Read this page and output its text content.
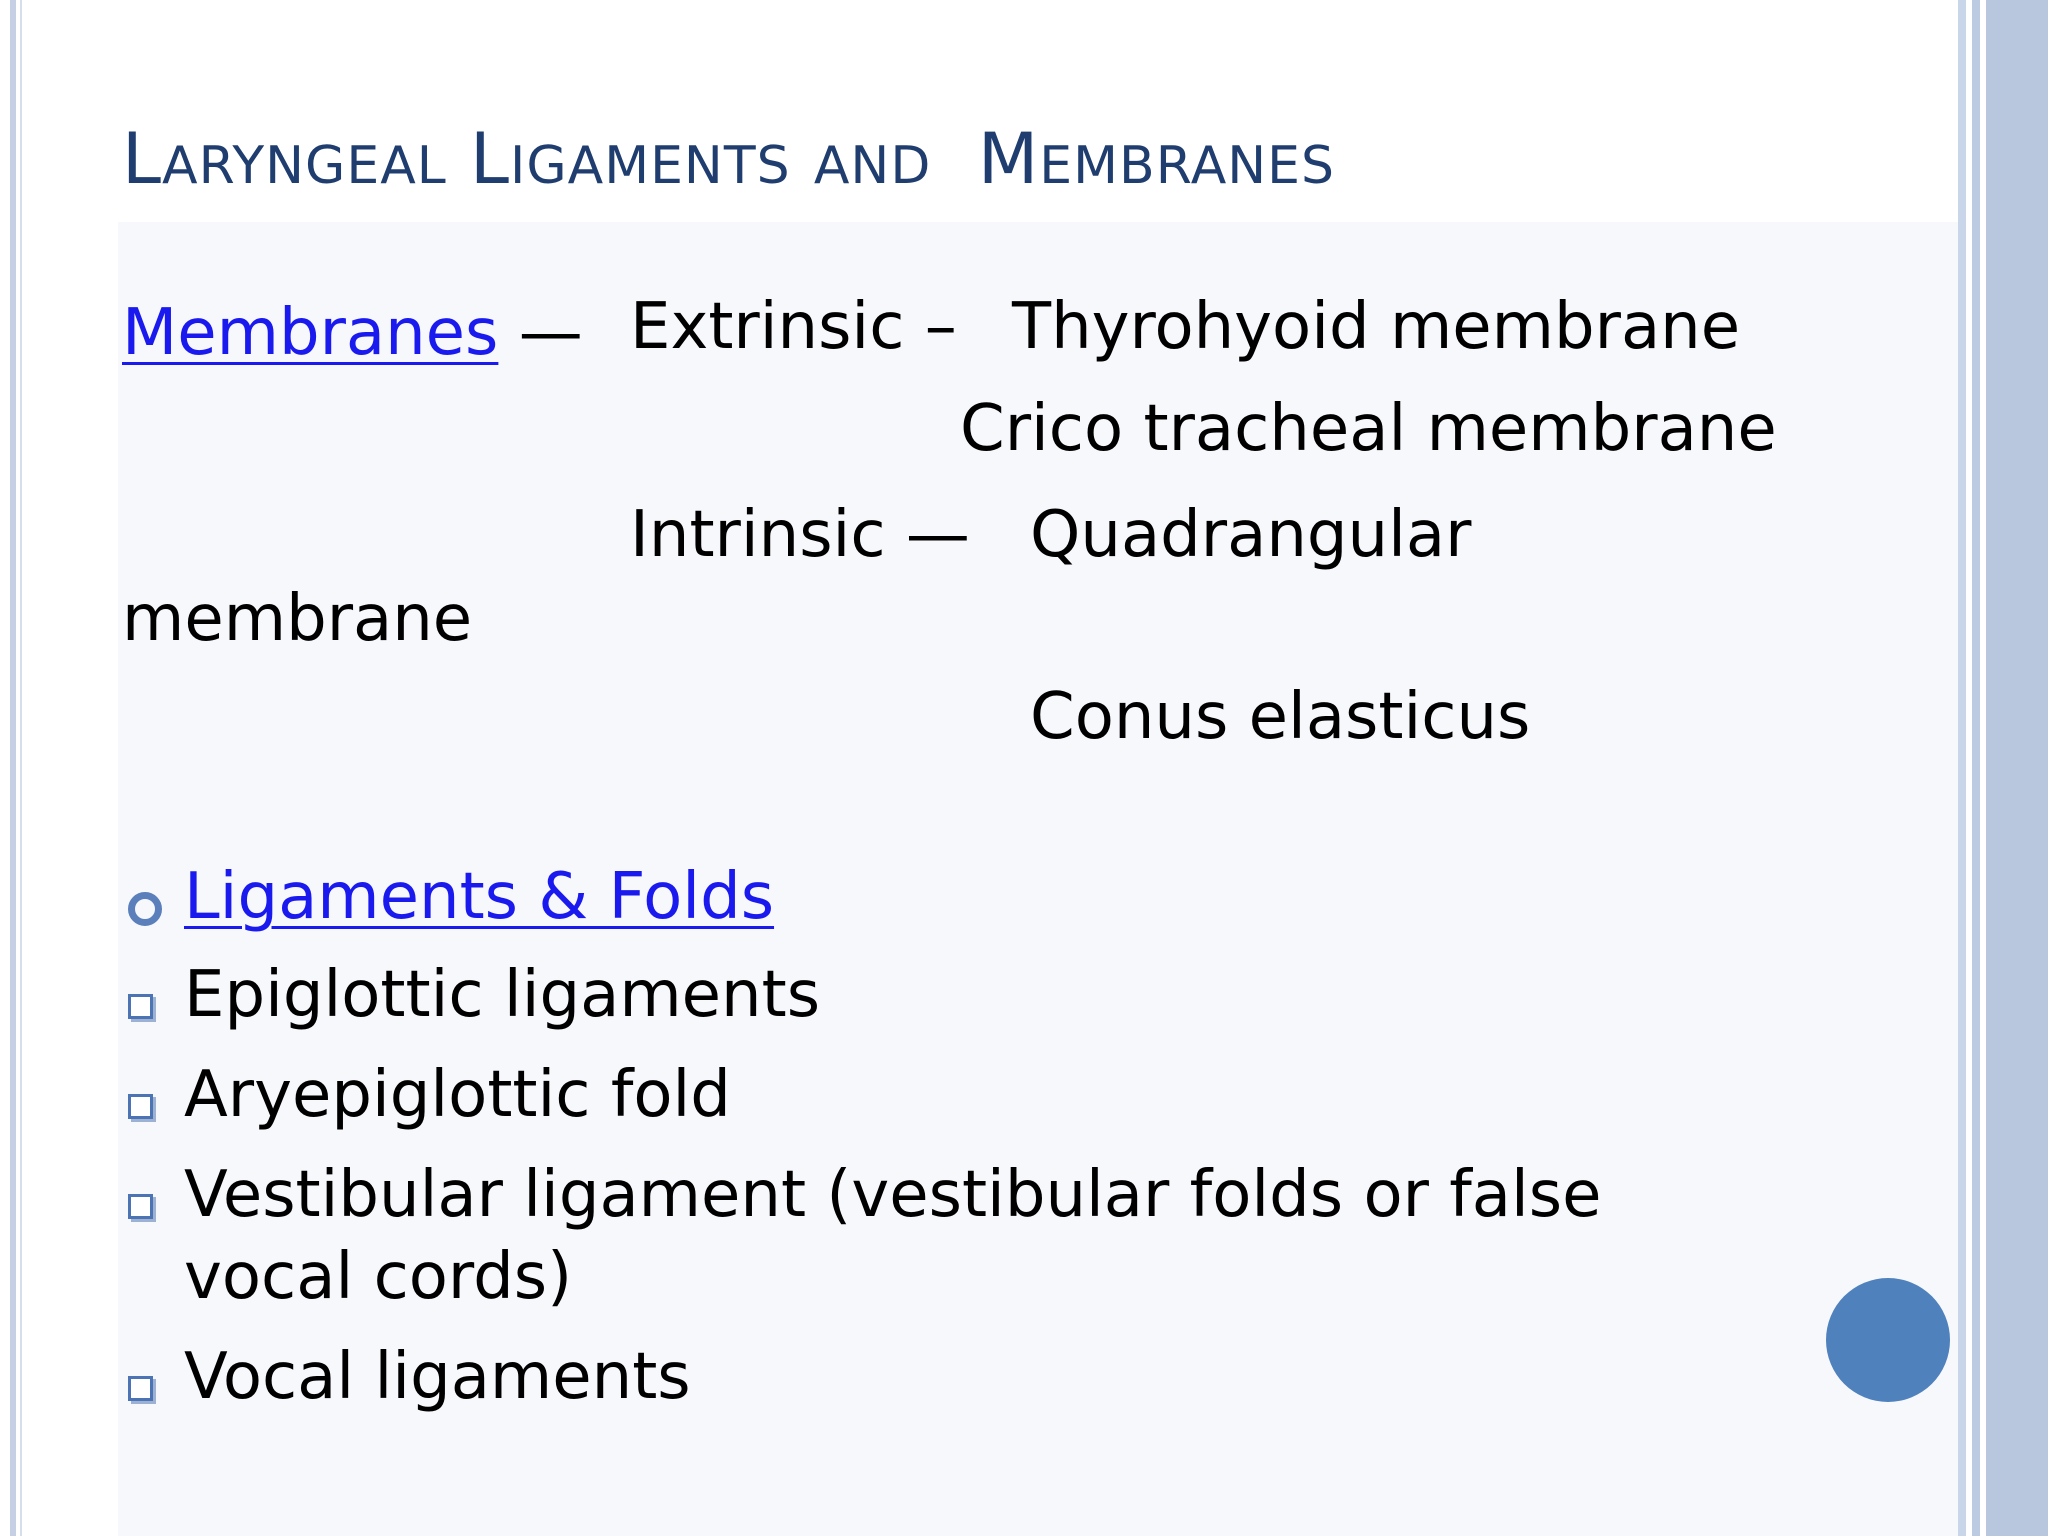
LARYNGEAL LIGAMENTS AND MEMBRANES
Membranes — Extrinsic – Thyrohyoid membrane
Crico tracheal membrane
Intrinsic — Quadrangular
membrane
Conus elasticus
Ligaments & Folds
Epiglottic ligaments
Aryepiglottic fold
Vestibular ligament (vestibular folds or false
vocal cords)
Vocal ligaments
